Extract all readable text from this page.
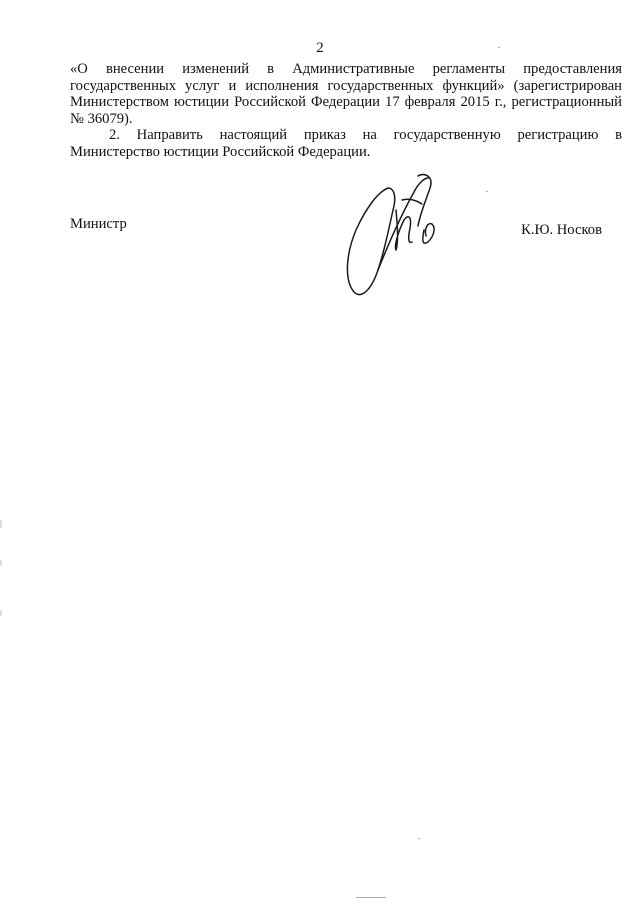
2

«О внесении изменений в Административные регламенты предоставления государственных услуг и исполнения государственных функций» (зарегистрирован Министерством юстиции Российской Федерации 17 февраля 2015 г., регистрационный № 36079).

2. Направить настоящий приказ на государственную регистрацию в Министерство юстиции Российской Федерации.

Министр	К.Ю. Носков
